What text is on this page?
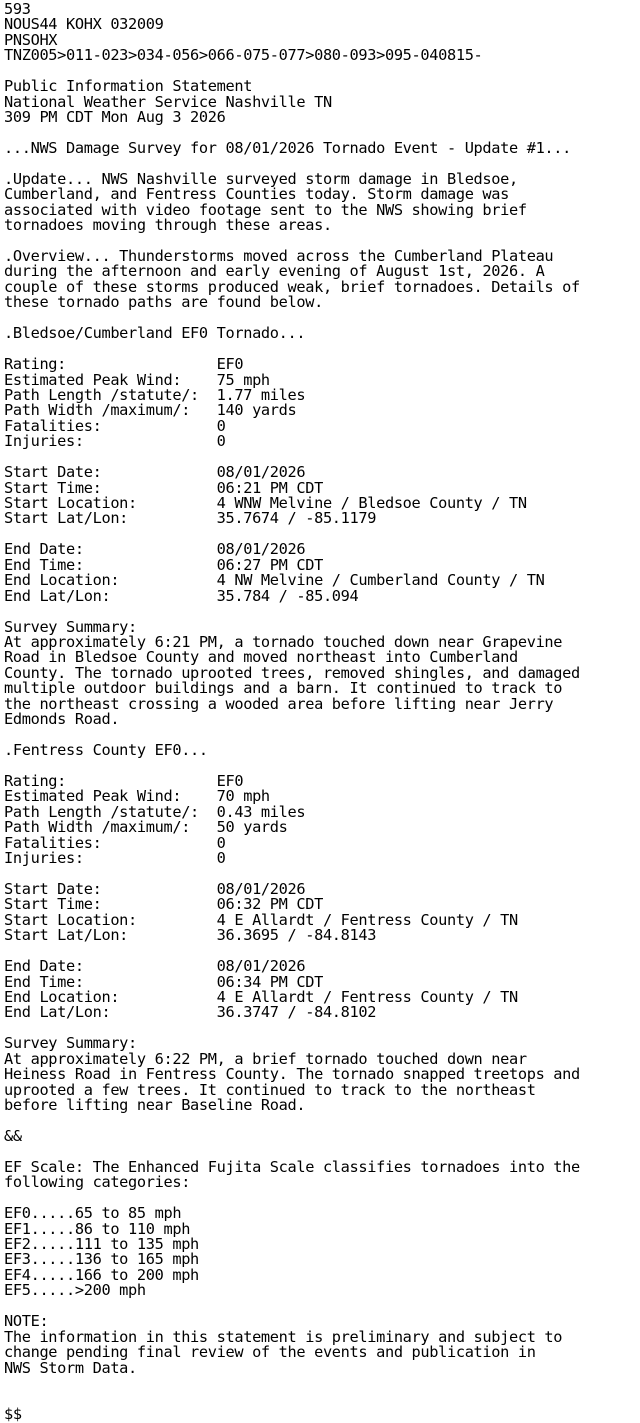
593
NOUS44 KOHX 032009
PNSOHX
TNZ005>011-023>034-056>066-075-077>080-093>095-040815-
Public Information Statement
National Weather Service Nashville TN
309 PM CDT Mon Aug 3 2026
...NWS Damage Survey for 08/01/2026 Tornado Event - Update #1...
.Update... NWS Nashville surveyed storm damage in Bledsoe,
Cumberland, and Fentress Counties today. Storm damage was
associated with video footage sent to the NWS showing brief
tornadoes moving through these areas.
.Overview... Thunderstorms moved across the Cumberland Plateau
during the afternoon and early evening of August 1st, 2026. A
couple of these storms produced weak, brief tornadoes. Details of
these tornado paths are found below.
.Bledsoe/Cumberland EF0 Tornado...
Rating:                 EF0
Estimated Peak Wind:    75 mph
Path Length /statute/:  1.77 miles
Path Width /maximum/:   140 yards
Fatalities:             0
Injuries:               0
Start Date:             08/01/2026
Start Time:             06:21 PM CDT
Start Location:         4 WNW Melvine / Bledsoe County / TN
Start Lat/Lon:          35.7674 / -85.1179
End Date:               08/01/2026
End Time:               06:27 PM CDT
End Location:           4 NW Melvine / Cumberland County / TN
End Lat/Lon:            35.784 / -85.094
Survey Summary:
At approximately 6:21 PM, a tornado touched down near Grapevine
Road in Bledsoe County and moved northeast into Cumberland
County. The tornado uprooted trees, removed shingles, and damaged
multiple outdoor buildings and a barn. It continued to track to
the northeast crossing a wooded area before lifting near Jerry
Edmonds Road.
.Fentress County EF0...
Rating:                 EF0
Estimated Peak Wind:    70 mph
Path Length /statute/:  0.43 miles
Path Width /maximum/:   50 yards
Fatalities:             0
Injuries:               0
Start Date:             08/01/2026
Start Time:             06:32 PM CDT
Start Location:         4 E Allardt / Fentress County / TN
Start Lat/Lon:          36.3695 / -84.8143
End Date:               08/01/2026
End Time:               06:34 PM CDT
End Location:           4 E Allardt / Fentress County / TN
End Lat/Lon:            36.3747 / -84.8102
Survey Summary:
At approximately 6:22 PM, a brief tornado touched down near
Heiness Road in Fentress County. The tornado snapped treetops and
uprooted a few trees. It continued to track to the northeast
before lifting near Baseline Road.
&&
EF Scale: The Enhanced Fujita Scale classifies tornadoes into the
following categories:
EF0.....65 to 85 mph
EF1.....86 to 110 mph
EF2.....111 to 135 mph
EF3.....136 to 165 mph
EF4.....166 to 200 mph
EF5.....>200 mph
NOTE:
The information in this statement is preliminary and subject to
change pending final review of the events and publication in
NWS Storm Data.
$$
